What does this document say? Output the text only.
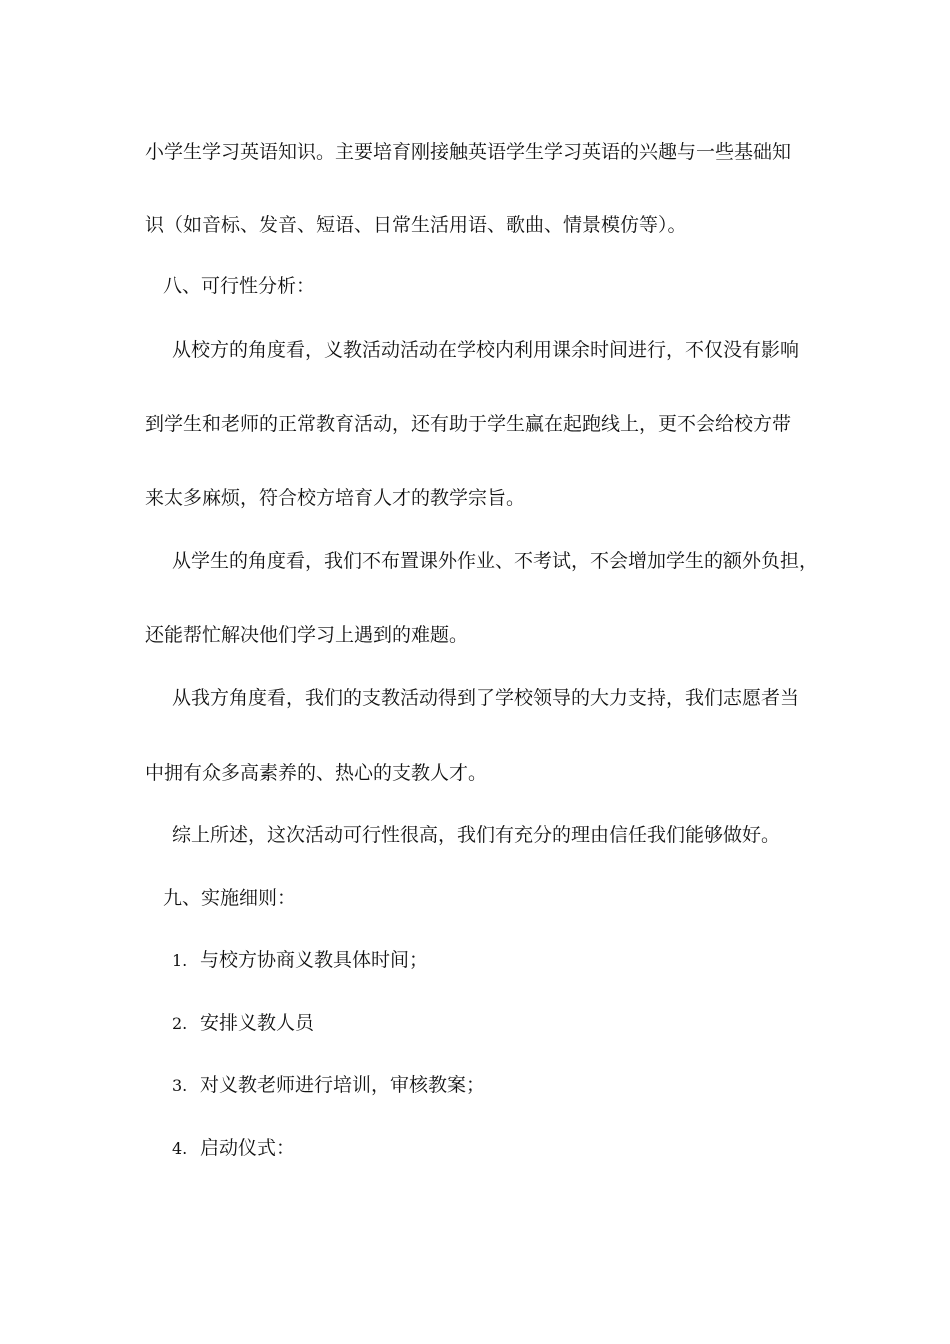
小学生学习英语知识。主要培育刚接触英语学生学习英语的兴趣与一些基础知
识（如音标、发音、短语、日常生活用语、歌曲、情景模仿等）。
八、可行性分析：
从校方的角度看，义教活动活动在学校内利用课余时间进行，不仅没有影响
到学生和老师的正常教育活动，还有助于学生赢在起跑线上，更不会给校方带
来太多麻烦，符合校方培育人才的教学宗旨。
从学生的角度看，我们不布置课外作业、不考试，不会增加学生的额外负担，
还能帮忙解决他们学习上遇到的难题。
从我方角度看，我们的支教活动得到了学校领导的大力支持，我们志愿者当
中拥有众多高素养的、热心的支教人才。
综上所述，这次活动可行性很高，我们有充分的理由信任我们能够做好。
九、实施细则：
1. 与校方协商义教具体时间；
2. 安排义教人员
3. 对义教老师进行培训，审核教案；
4. 启动仪式：
